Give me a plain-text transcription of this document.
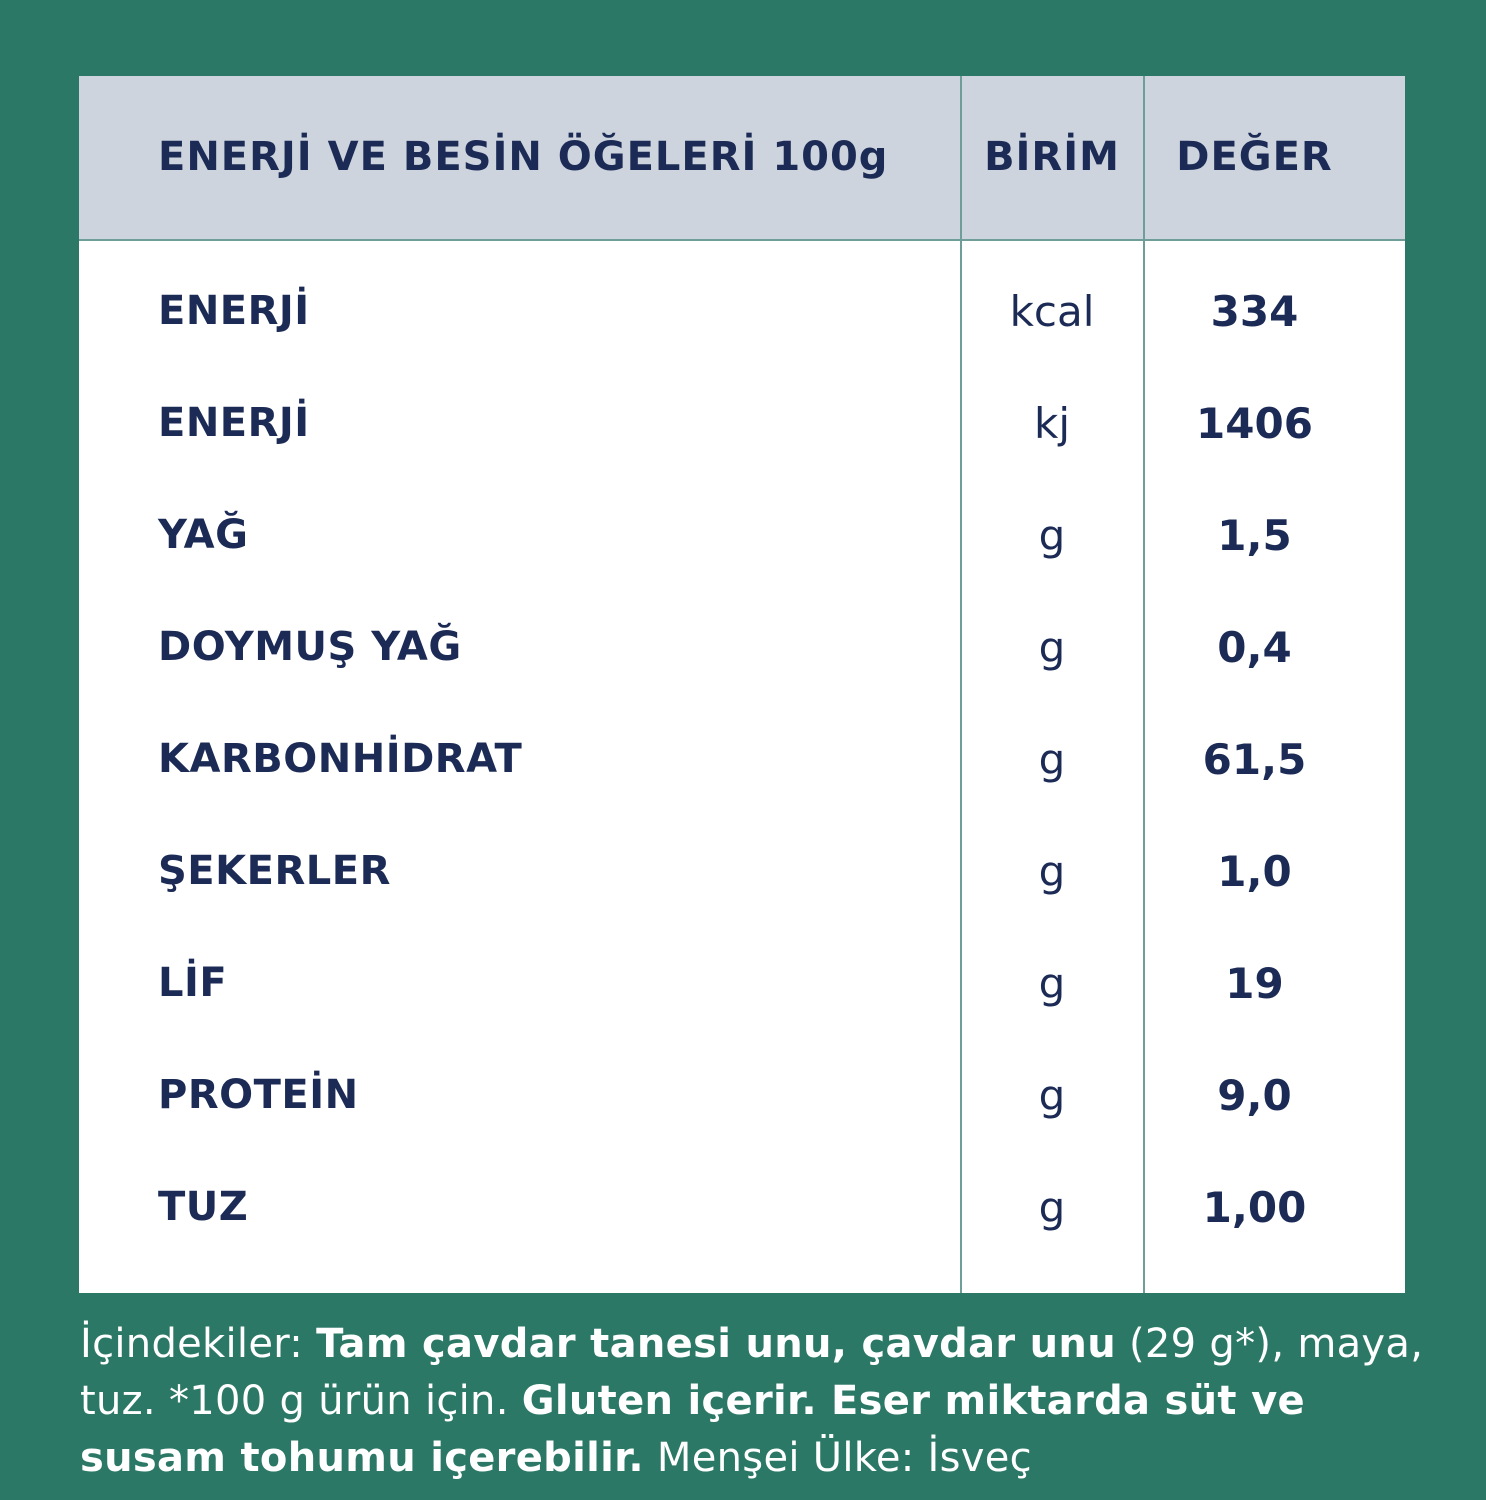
ENERJİ VE BESİN ÖĞELERİ 100g	BİRİM	DEĞER
ENERJİ	kcal	334
ENERJİ	kj	1406
YAĞ	g	1,5
DOYMUŞ YAĞ	g	0,4
KARBONHİDRAT	g	61,5
ŞEKERLER	g	1,0
LİF	g	19
PROTEİN	g	9,0
TUZ	g	1,00
İçindekiler: Tam çavdar tanesi unu, çavdar unu (29 g*), maya, tuz. *100 g ürün için. Gluten içerir. Eser miktarda süt ve susam tohumu içerebilir. Menşei Ülke: İsveç
